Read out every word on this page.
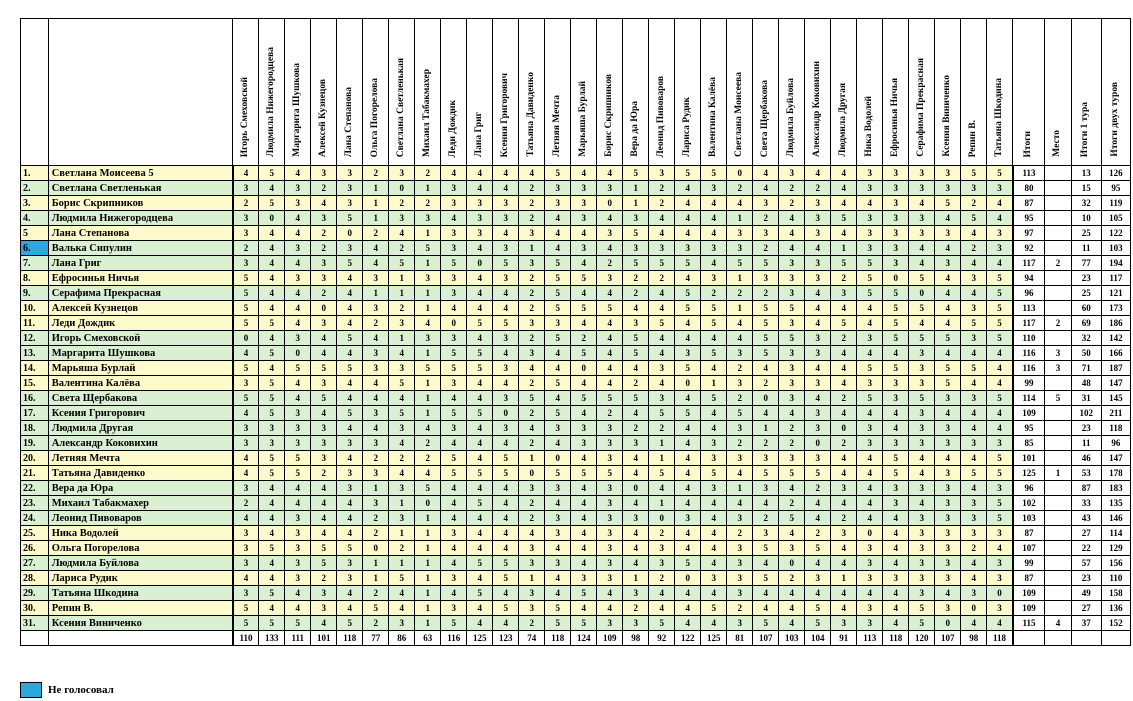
		Игорь Смеховской	Людмила Нижегородцева	Маргарита Шушкова	Алексей Кузнецов	Лана Степанова	Ольга Погорелова	Светлана Светленькая	Михаил Табакмахер	Леди Дождик	Лана Григ	Ксения Григорович	Татьяна Давиденко	Летняя Мечта	Марьяша Бурлай	Борис Скрипников	Вера да Юра	Леонид Пивоваров	Лариса Рудик	Валентина Калёва	Светлана Моисеева	Света Щербакова	Людмила Буйлова	Александр Коковихин	Людмила Другая	Ника Водолей	Ефросинья Ничья	Серафима Прекрасная	Ксения Виниченко	Репин В.	Татьяна Шкодина	Итоги	Место	Итоги 1 тура	Итоги двух туров
1.	Светлана Моисеева 5	4	5	4	3	3	2	3	2	4	4	4	4	5	4	4	5	3	5	5	0	4	3	4	4	3	3	3	3	5	5	113		13	126
2.	Светлана Светленькая	3	4	3	2	3	1	0	1	3	4	4	2	3	3	3	1	2	4	3	2	4	2	2	4	3	3	3	3	3	3	80		15	95
3.	Борис Скрипников	2	5	3	4	3	1	2	2	3	3	3	2	3	3	0	1	2	4	4	4	3	2	3	4	4	3	4	5	2	4	87		32	119
4.	Людмила Нижегородцева	3	0	4	3	5	1	3	3	4	3	3	2	4	3	4	3	4	4	4	1	2	4	3	5	3	3	3	4	5	4	95		10	105
5	Лана Степанова	3	4	4	2	0	2	4	1	3	3	4	3	4	4	3	5	4	4	4	3	3	4	3	4	3	3	3	3	4	3	97		25	122
6.	Валька Сипулин	2	4	3	2	3	4	2	5	3	4	3	1	4	3	4	3	3	3	3	3	2	4	4	1	3	3	4	4	2	3	92		11	103
7.	Лана Григ	3	4	4	3	5	4	5	1	5	0	5	3	5	4	2	5	5	5	4	5	5	3	3	5	5	3	4	3	4	4	117	2	77	194
8.	Ефросинья Ничья	5	4	3	3	4	3	1	3	3	4	3	2	5	5	3	2	2	4	3	1	3	3	3	2	5	0	5	4	3	5	94		23	117
9.	Серафима Прекрасная	5	4	4	2	4	1	1	1	3	4	4	2	5	4	4	2	4	5	2	2	2	3	4	3	5	5	0	4	4	5	96		25	121
10.	Алексей Кузнецов	5	4	4	0	4	3	2	1	4	4	4	2	5	5	5	4	4	5	5	1	5	5	4	4	4	5	5	4	3	5	113		60	173
11.	Леди Дождик	5	5	4	3	4	2	3	4	0	5	5	3	3	4	4	3	5	4	5	4	5	3	4	5	4	5	4	4	5	5	117	2	69	186
12.	Игорь Смеховской	0	4	3	4	5	4	1	3	3	4	3	2	5	2	4	5	4	4	4	4	5	5	3	2	3	5	5	5	3	5	110		32	142
13.	Маргарита Шушкова	4	5	0	4	4	3	4	1	5	5	4	3	4	5	4	5	4	3	5	3	5	3	3	4	4	4	3	4	4	4	116	3	50	166
14.	Марьяша Бурлай	5	4	5	5	5	3	3	5	5	5	3	4	4	0	4	4	3	5	4	2	4	3	4	4	5	5	3	5	5	4	116	3	71	187
15.	Валентина Калёва	3	5	4	3	4	4	5	1	3	4	4	2	5	4	4	2	4	0	1	3	2	3	3	4	3	3	3	5	4	4	99		48	147
16.	Света Щербакова	5	5	4	5	4	4	4	1	4	4	3	5	4	5	5	5	3	4	5	2	0	3	4	2	5	3	5	3	3	5	114	5	31	145
17.	Ксения Григорович	4	5	3	4	5	3	5	1	5	5	0	2	5	4	2	4	5	5	4	5	4	4	3	4	4	4	3	4	4	4	109		102	211
18.	Людмила Другая	3	3	3	3	4	4	3	4	3	4	3	4	3	3	3	2	2	4	4	3	1	2	3	0	3	4	3	3	4	4	95		23	118
19.	Александр Коковихин	3	3	3	3	3	3	4	2	4	4	4	2	4	3	3	3	1	4	3	2	2	2	0	2	3	3	3	3	3	3	85		11	96
20.	Летняя Мечта	4	5	5	3	4	2	2	2	5	4	5	1	0	4	3	4	1	4	3	3	3	3	3	4	4	5	4	4	4	5	101		46	147
21.	Татьяна Давиденко	4	5	5	2	3	3	4	4	5	5	5	0	5	5	5	4	5	4	5	4	5	5	5	4	4	5	4	3	5	5	125	1	53	178
22.	Вера да Юра	3	4	4	4	3	1	3	5	4	4	4	3	3	4	3	0	4	4	3	1	3	4	2	3	4	3	3	3	4	3	96		87	183
23.	Михаил Табакмахер	2	4	4	4	4	3	1	0	4	5	4	2	4	4	3	4	1	4	4	4	4	2	4	4	4	3	4	3	3	5	102		33	135
24.	Леонид Пивоваров	4	4	3	4	4	2	3	1	4	4	4	2	3	4	3	3	0	3	4	3	2	5	4	2	4	4	3	3	3	5	103		43	146
25.	Ника Водолей	3	4	3	4	4	2	1	1	3	4	4	4	3	4	3	4	2	4	4	2	3	4	2	3	0	4	3	3	3	3	87		27	114
26.	Ольга Погорелова	3	5	3	5	5	0	2	1	4	4	4	3	4	4	3	4	3	4	4	3	5	3	5	4	3	4	3	3	2	4	107		22	129
27.	Людмила Буйлова	3	4	3	5	3	1	1	1	4	5	5	3	3	4	3	4	3	5	4	3	4	0	4	4	3	4	3	3	4	3	99		57	156
28.	Лариса Рудик	4	4	3	2	3	1	5	1	3	4	5	1	4	3	3	1	2	0	3	3	5	2	3	1	3	3	3	3	4	3	87		23	110
29.	Татьяна Шкодина	3	5	4	3	4	2	4	1	4	5	4	3	4	5	4	3	4	4	4	3	4	4	4	4	4	4	3	4	3	0	109		49	158
30.	Репин В.	5	4	4	3	4	5	4	1	3	4	5	3	5	4	4	2	4	4	5	2	4	4	5	4	3	4	5	3	0	3	109		27	136
31.	Ксения Виниченко	5	5	5	4	5	2	3	1	5	4	4	2	5	5	3	3	5	4	4	3	5	4	5	3	3	4	5	0	4	4	115	4	37	152
		110	133	111	101	118	77	86	63	116	125	123	74	118	124	109	98	92	122	125	81	107	103	104	91	113	118	120	107	98	118				
Не голосовал
